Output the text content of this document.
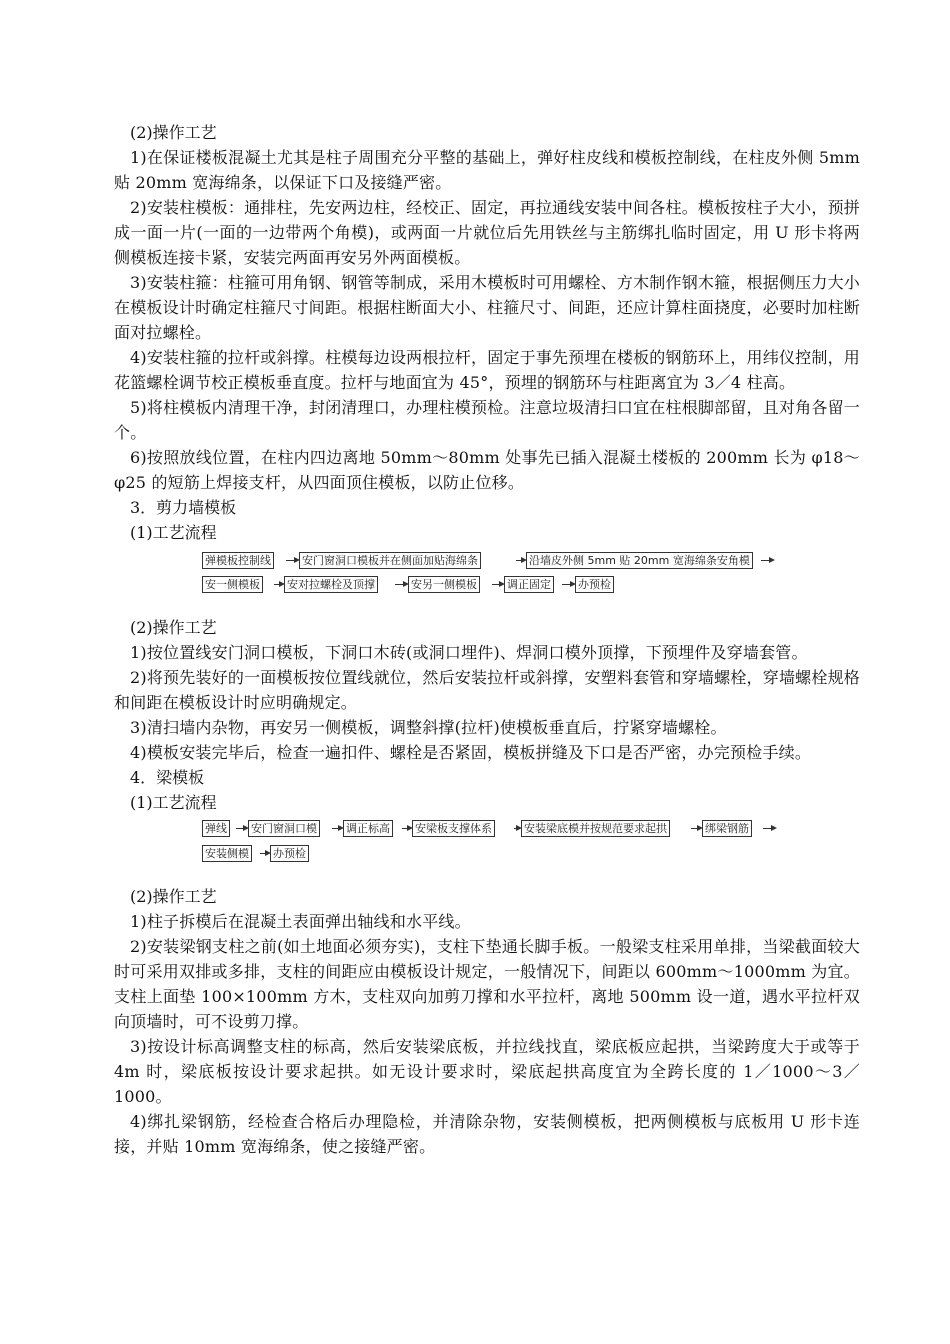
(2)操作工艺

1)在保证楼板混凝土尤其是柱子周围充分平整的基础上，弹好柱皮线和模板控制线，在柱皮外侧 5mm 贴 20mm 宽海绵条，以保证下口及接缝严密。

2)安装柱模板：通排柱，先安两边柱，经校正、固定，再拉通线安装中间各柱。模板按柱子大小，预拼成一面一片(一面的一边带两个角模)，或两面一片就位后先用铁丝与主筋绑扎临时固定，用 U 形卡将两侧模板连接卡紧，安装完两面再安另外两面模板。

3)安装柱箍：柱箍可用角钢、钢管等制成，采用木模板时可用螺栓、方木制作钢木箍，根据侧压力大小在模板设计时确定柱箍尺寸间距。根据柱断面大小、柱箍尺寸、间距，还应计算柱面挠度，必要时加柱断面对拉螺栓。

4)安装柱箍的拉杆或斜撑。柱模每边设两根拉杆，固定于事先预埋在楼板的钢筋环上，用纬仪控制，用花篮螺栓调节校正模板垂直度。拉杆与地面宜为 45°，预埋的钢筋环与柱距离宜为 3／4 柱高。

5)将柱模板内清理干净，封闭清理口，办理柱模预检。注意垃圾清扫口宜在柱根脚部留，且对角各留一个。

6)按照放线位置，在柱内四边离地 50mm～80mm 处事先已插入混凝土楼板的 200mm 长为 φ18～φ25 的短筋上焊接支杆，从四面顶住模板，以防止位移。

3．剪力墙模板

(1)工艺流程

弹模板控制线	安门窗洞口模板并在侧面加贴海绵条	沿墙皮外侧 5mm 贴 20mm 宽海绵条安角模
安一侧模板 安对拉螺栓及顶撑	安另一侧模板	调正固定 办预检

(2)操作工艺

1)按位置线安门洞口模板，下洞口木砖(或洞口埋件)、焊洞口模外顶撑，下预埋件及穿墙套管。

2)将预先装好的一面模板按位置线就位，然后安装拉杆或斜撑，安塑料套管和穿墙螺栓，穿墙螺栓规格和间距在模板设计时应明确规定。

3)清扫墙内杂物，再安另一侧模板，调整斜撑(拉杆)使模板垂直后，拧紧穿墙螺栓。

4)模板安装完毕后，检查一遍扣件、螺栓是否紧固，模板拼缝及下口是否严密，办完预检手续。

4．梁模板

(1)工艺流程

弹线 安门窗洞口模	调正标高 安梁板支撑体系	安装梁底模并按规范要求起拱	绑梁钢筋
安装侧模 办预检

(2)操作工艺

1)柱子拆模后在混凝土表面弹出轴线和水平线。

2)安装梁钢支柱之前(如土地面必须夯实)，支柱下垫通长脚手板。一般梁支柱采用单排，当梁截面较大时可采用双排或多排，支柱的间距应由模板设计规定，一般情况下，间距以 600mm～1000mm 为宜。支柱上面垫 100×100mm 方木，支柱双向加剪刀撑和水平拉杆，离地 500mm 设一道，遇水平拉杆双向顶墙时，可不设剪刀撑。

3)按设计标高调整支柱的标高，然后安装梁底板，并拉线找直，梁底板应起拱，当梁跨度大于或等于 4m 时，梁底板按设计要求起拱。如无设计要求时，梁底起拱高度宜为全跨长度的 1／1000～3／1000。

4)绑扎梁钢筋，经检查合格后办理隐检，并清除杂物，安装侧模板，把两侧模板与底板用 U 形卡连接，并贴 10mm 宽海绵条，使之接缝严密。
